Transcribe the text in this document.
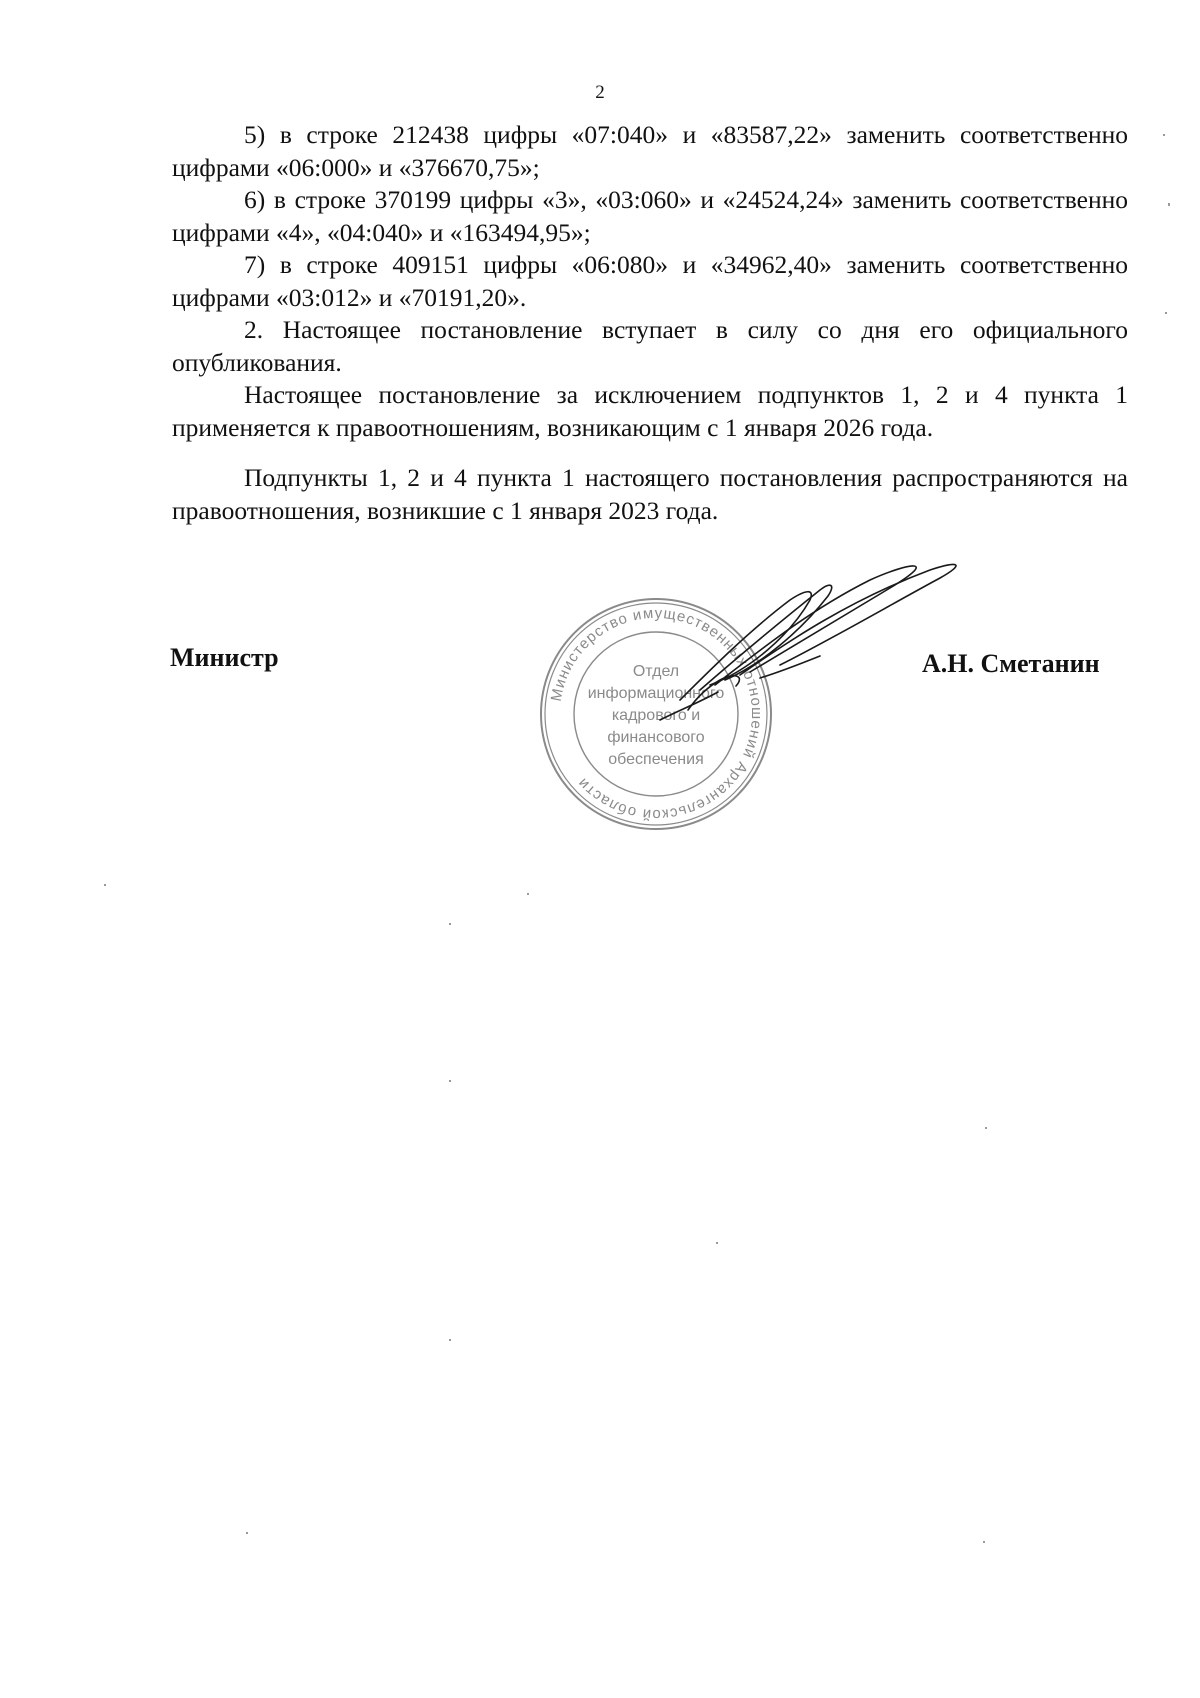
2

5) в строке 212438 цифры «07:040» и «83587,22» заменить соответственно цифрами «06:000» и «376670,75»;

6) в строке 370199 цифры «3», «03:060» и «24524,24» заменить соответственно цифрами «4», «04:040» и «163494,95»;

7) в строке 409151 цифры «06:080» и «34962,40» заменить соответственно цифрами «03:012» и «70191,20».

2. Настоящее постановление вступает в силу со дня его официального опубликования.

Настоящее постановление за исключением подпунктов 1, 2 и 4 пункта 1 применяется к правоотношениям, возникающим с 1 января 2026 года.

Подпункты 1, 2 и 4 пункта 1 настоящего постановления распространяются на правоотношения, возникшие с 1 января 2023 года.

Министр	А.Н. Сметанин
Министерство имущественных отношений Архангельской области
Отдел
информационного
кадрового и
финансового
обеспечения
